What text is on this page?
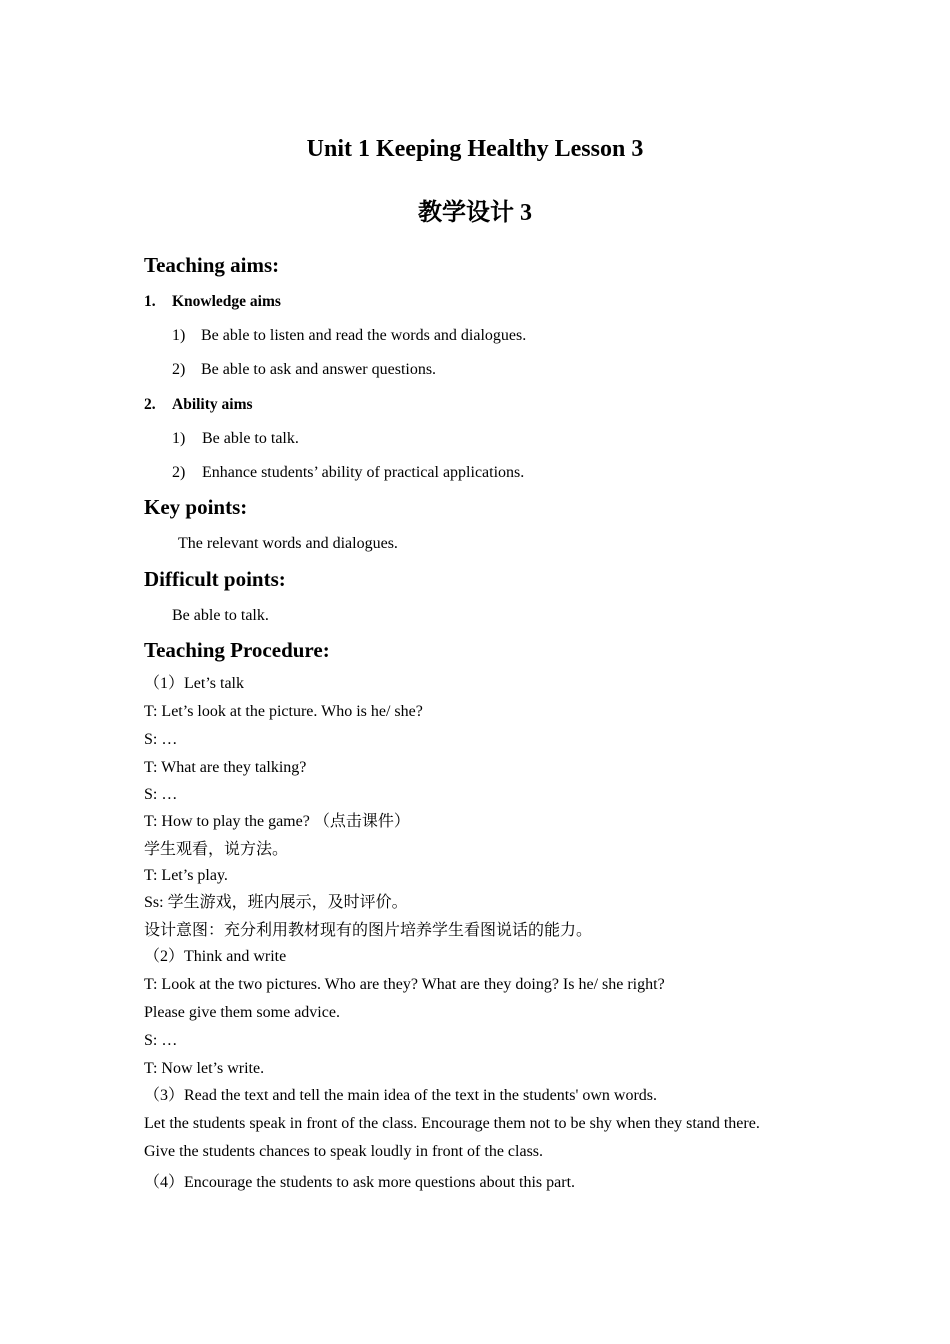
Unit 1 Keeping Healthy Lesson 3
教学设计 3
Teaching aims:
1. Knowledge aims
1) Be able to listen and read the words and dialogues.
2) Be able to ask and answer questions.
2. Ability aims
1) Be able to talk.
2) Enhance students’ ability of practical applications.
Key points:
The relevant words and dialogues.
Difficult points:
Be able to talk.
Teaching Procedure:
（1）Let’s talk
T: Let’s look at the picture. Who is he/ she?
S: …
T: What are they talking?
S: …
T: How to play the game? （点击课件）
学生观看，说方法。
T: Let’s play.
Ss: 学生游戏，班内展示，及时评价。
设计意图：充分利用教材现有的图片培养学生看图说话的能力。
（2）Think and write
T: Look at the two pictures. Who are they? What are they doing? Is he/ she right?
Please give them some advice.
S: …
T: Now let’s write.
（3）Read the text and tell the main idea of the text in the students' own words.
Let the students speak in front of the class. Encourage them not to be shy when they stand there.
Give the students chances to speak loudly in front of the class.
（4）Encourage the students to ask more questions about this part.
